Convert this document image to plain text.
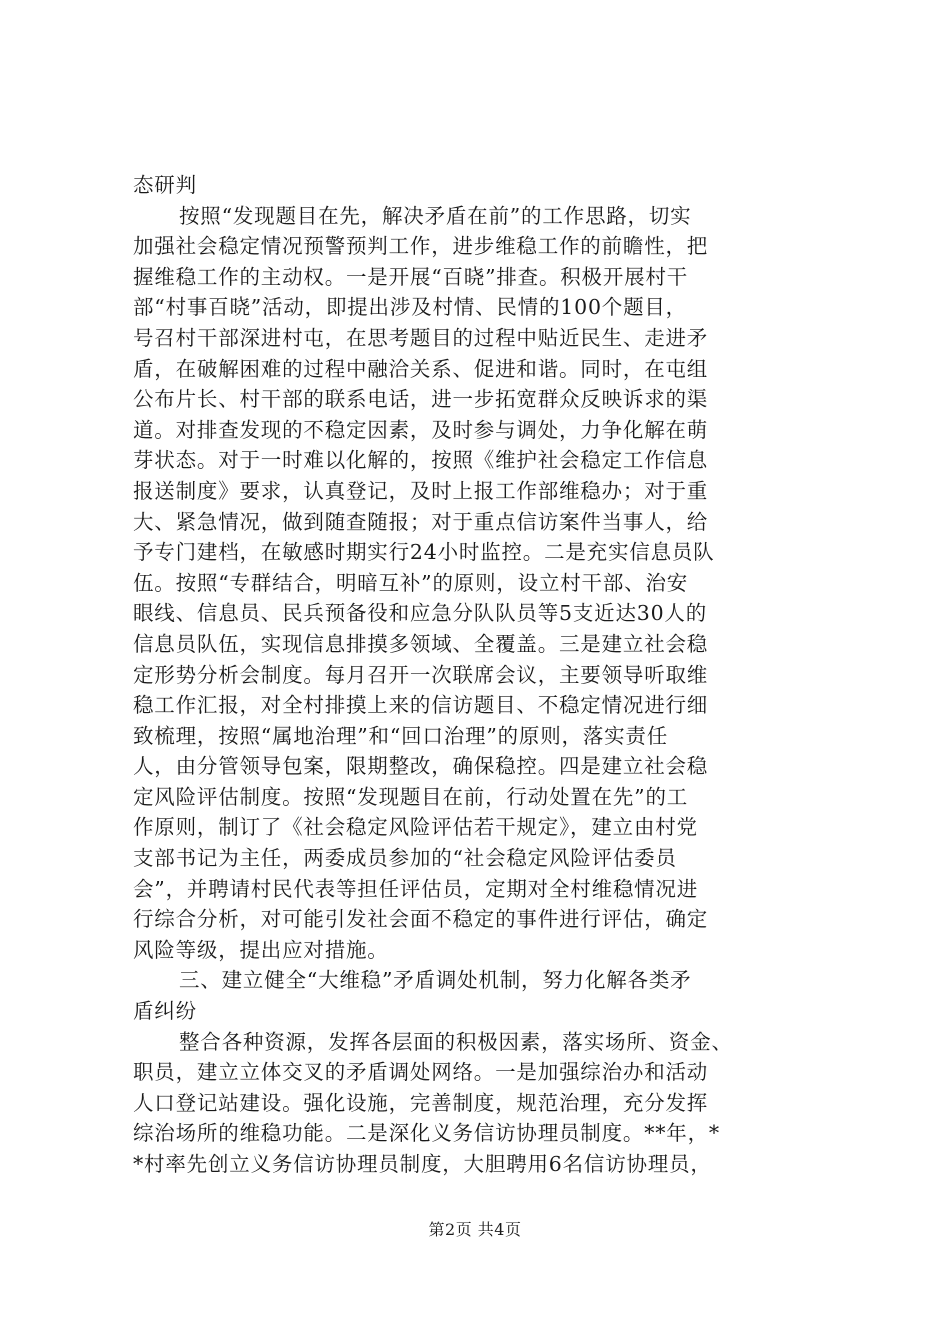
态研判
按照“发现题目在先，解决矛盾在前”的工作思路，切实
加强社会稳定情况预警预判工作，进步维稳工作的前瞻性，把
握维稳工作的主动权。一是开展“百晓”排查。积极开展村干
部“村事百晓”活动，即提出涉及村情、民情的100个题目，
号召村干部深进村屯，在思考题目的过程中贴近民生、走进矛
盾，在破解困难的过程中融洽关系、促进和谐。同时，在屯组
公布片长、村干部的联系电话，进一步拓宽群众反映诉求的渠
道。对排查发现的不稳定因素，及时参与调处，力争化解在萌
芽状态。对于一时难以化解的，按照《维护社会稳定工作信息
报送制度》要求，认真登记，及时上报工作部维稳办；对于重
大、紧急情况，做到随查随报；对于重点信访案件当事人，给
予专门建档，在敏感时期实行24小时监控。二是充实信息员队
伍。按照“专群结合，明暗互补”的原则，设立村干部、治安
眼线、信息员、民兵预备役和应急分队队员等5支近达30人的
信息员队伍，实现信息排摸多领域、全覆盖。三是建立社会稳
定形势分析会制度。每月召开一次联席会议，主要领导听取维
稳工作汇报，对全村排摸上来的信访题目、不稳定情况进行细
致梳理，按照“属地治理”和“回口治理”的原则，落实责任
人，由分管领导包案，限期整改，确保稳控。四是建立社会稳
定风险评估制度。按照“发现题目在前，行动处置在先”的工
作原则，制订了《社会稳定风险评估若干规定》，建立由村党
支部书记为主任，两委成员参加的“社会稳定风险评估委员
会”，并聘请村民代表等担任评估员，定期对全村维稳情况进
行综合分析，对可能引发社会面不稳定的事件进行评估，确定
风险等级，提出应对措施。
三、建立健全“大维稳”矛盾调处机制，努力化解各类矛
盾纠纷
整合各种资源，发挥各层面的积极因素，落实场所、资金、
职员，建立立体交叉的矛盾调处网络。一是加强综治办和活动
人口登记站建设。强化设施，完善制度，规范治理，充分发挥
综治场所的维稳功能。二是深化义务信访协理员制度。**年，*
*村率先创立义务信访协理员制度，大胆聘用6名信访协理员，
第2页 共4页
